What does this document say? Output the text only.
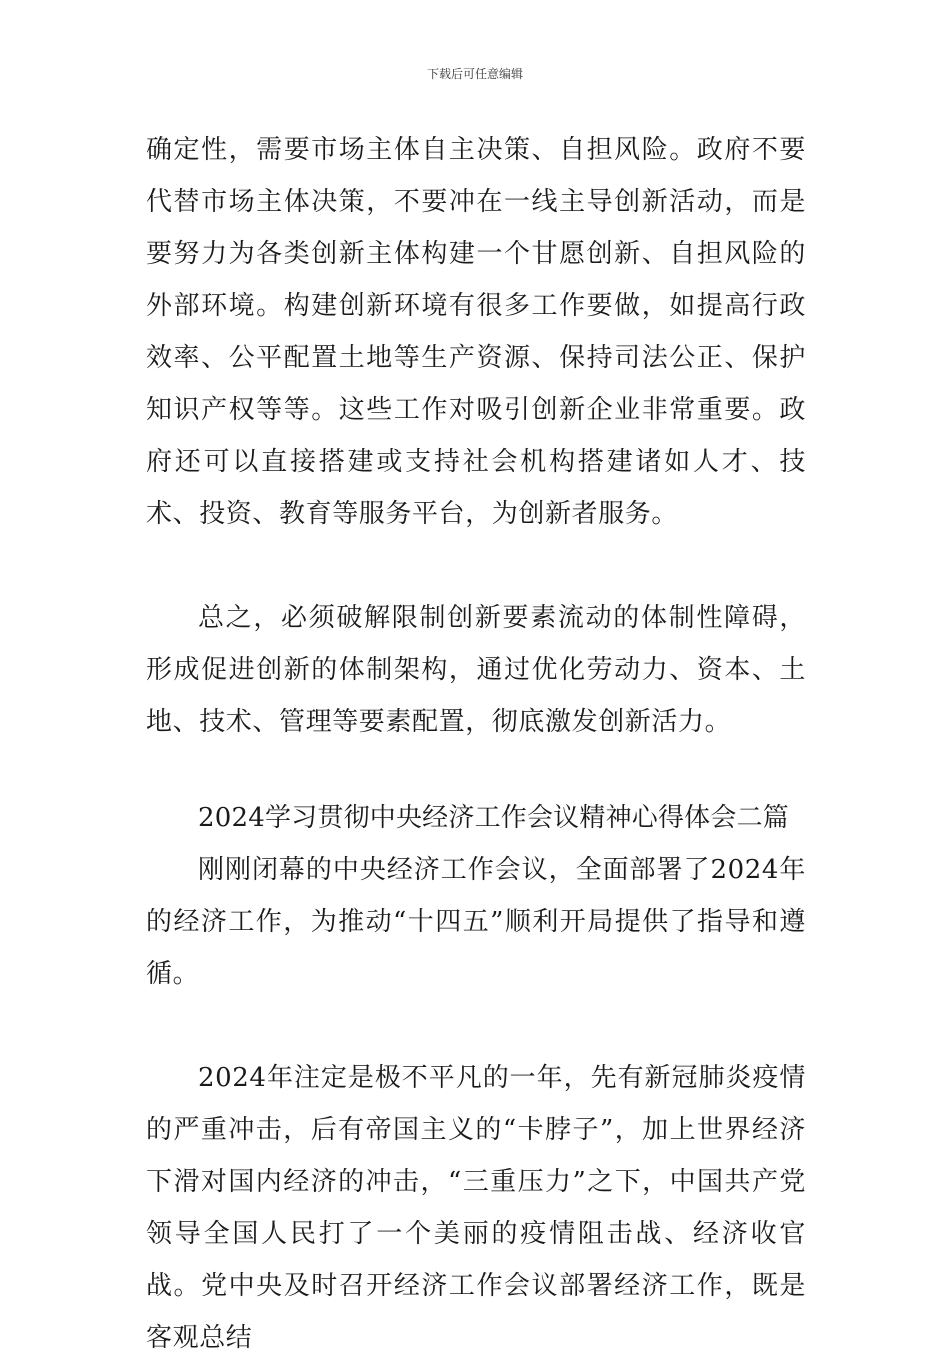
下载后可任意编辑

确定性，需要市场主体自主决策、自担风险。政府不要代替市场主体决策，不要冲在一线主导创新活动，而是要努力为各类创新主体构建一个甘愿创新、自担风险的外部环境。构建创新环境有很多工作要做，如提高行政效率、公平配置土地等生产资源、保持司法公正、保护知识产权等等。这些工作对吸引创新企业非常重要。政府还可以直接搭建或支持社会机构搭建诸如人才、技术、投资、教育等服务平台，为创新者服务。

总之，必须破解限制创新要素流动的体制性障碍，形成促进创新的体制架构，通过优化劳动力、资本、土地、技术、管理等要素配置，彻底激发创新活力。

2024学习贯彻中央经济工作会议精神心得体会二篇

刚刚闭幕的中央经济工作会议，全面部署了2024年的经济工作，为推动“十四五”顺利开局提供了指导和遵循。

2024年注定是极不平凡的一年，先有新冠肺炎疫情的严重冲击，后有帝国主义的“卡脖子”，加上世界经济下滑对国内经济的冲击，“三重压力”之下，中国共产党领导全国人民打了一个美丽的疫情阻击战、经济收官战。党中央及时召开经济工作会议部署经济工作，既是客观总结
